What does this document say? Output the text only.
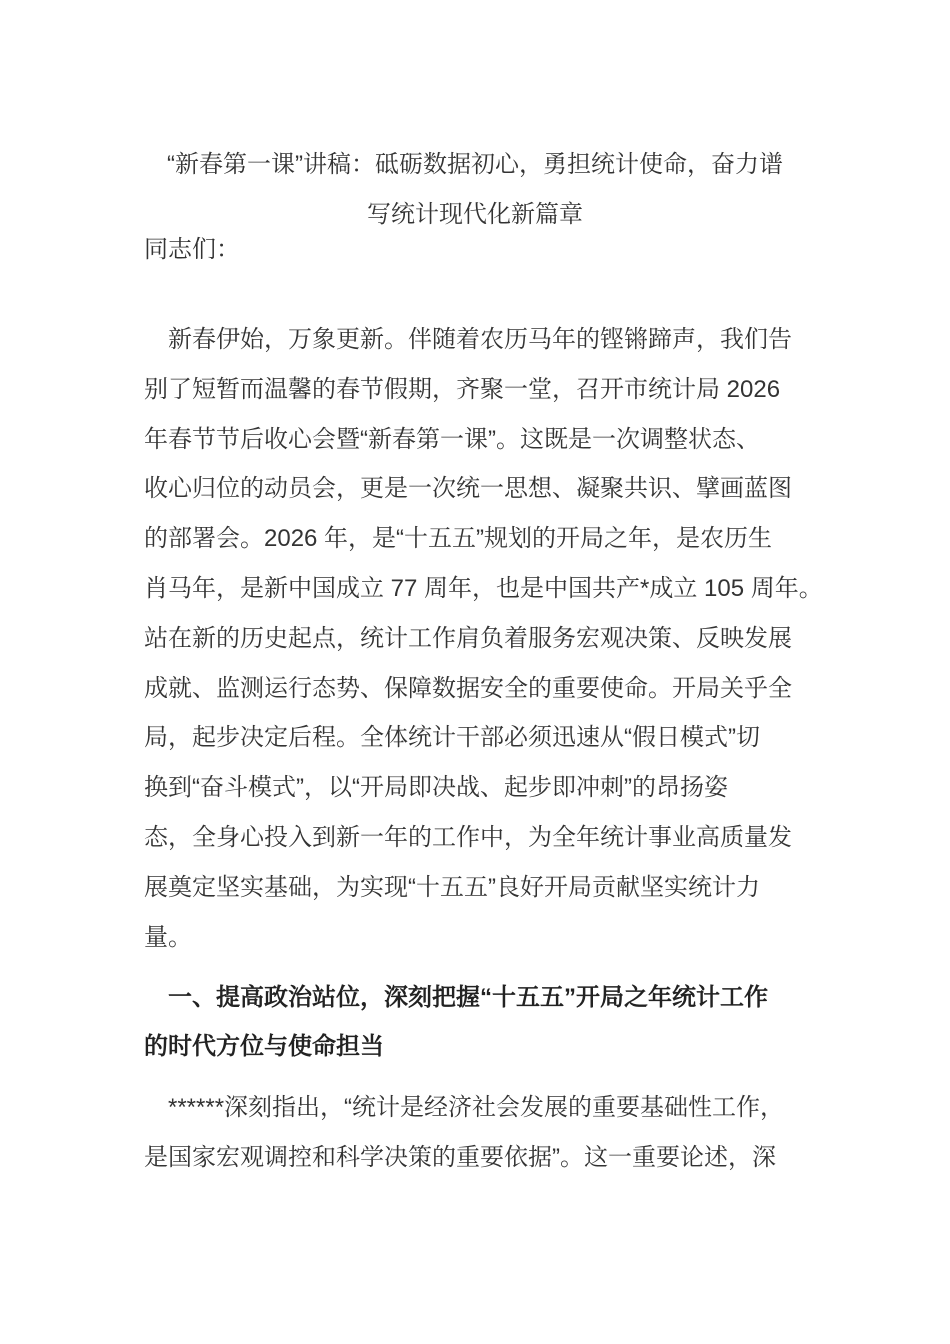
“新春第一课”讲稿：砥砺数据初心，勇担统计使命，奋力谱
写统计现代化新篇章
同志们：
　新春伊始，万象更新。伴随着农历马年的铿锵蹄声，我们告
别了短暂而温馨的春节假期，齐聚一堂，召开市统计局 2026
年春节节后收心会暨“新春第一课”。这既是一次调整状态、
收心归位的动员会，更是一次统一思想、凝聚共识、擘画蓝图
的部署会。2026 年，是“十五五”规划的开局之年，是农历生
肖马年，是新中国成立 77 周年，也是中国共产*成立 105 周年。
站在新的历史起点，统计工作肩负着服务宏观决策、反映发展
成就、监测运行态势、保障数据安全的重要使命。开局关乎全
局，起步决定后程。全体统计干部必须迅速从“假日模式”切
换到“奋斗模式”，以“开局即决战、起步即冲刺”的昂扬姿
态，全身心投入到新一年的工作中，为全年统计事业高质量发
展奠定坚实基础，为实现“十五五”良好开局贡献坚实统计力
量。
　一、提高政治站位，深刻把握“十五五”开局之年统计工作
的时代方位与使命担当
　******深刻指出，“统计是经济社会发展的重要基础性工作，
是国家宏观调控和科学决策的重要依据”。这一重要论述，深
